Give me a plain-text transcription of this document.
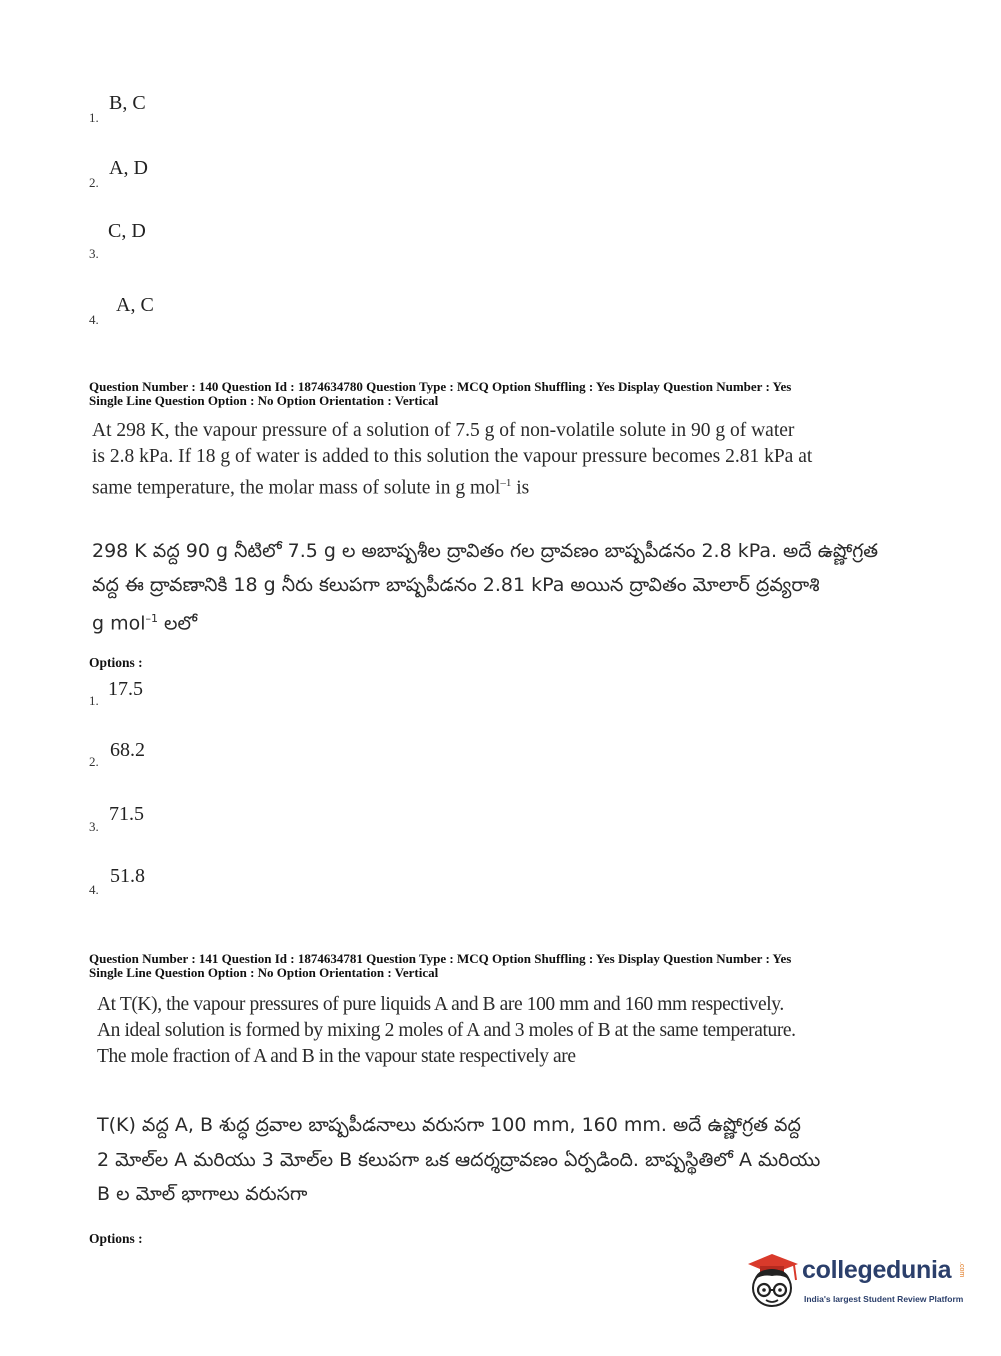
1.
B, C
2.
A, D
3.
C, D
4.
A, C
Question Number : 140 Question Id : 1874634780 Question Type : MCQ Option Shuffling : Yes Display Question Number : Yes
Single Line Question Option : No Option Orientation : Vertical
At 298 K, the vapour pressure of a solution of 7.5 g of non-volatile solute in 90 g of water
is 2.8 kPa. If 18 g of water is added to this solution the vapour pressure becomes 2.81 kPa at
same temperature, the molar mass of solute in g mol$^{-1}$ is
298 K వద్ద 90 g నీటిలో 7.5 g ల అబాష్పశీల ద్రావితం గల ద్రావణం బాష్పపీడనం 2.8 kPa. అదే ఉష్ణోగ్రత
వద్ద ఈ ద్రావణానికి 18 g నీరు కలుపగా బాష్పపీడనం 2.81 kPa అయిన ద్రావితం మోలార్ ద్రవ్యరాశి
g mol$^{-1}$ లలో
Options :
1.
17.5
2.
68.2
3.
71.5
4.
51.8
Question Number : 141 Question Id : 1874634781 Question Type : MCQ Option Shuffling : Yes Display Question Number : Yes
Single Line Question Option : No Option Orientation : Vertical
At T(K), the vapour pressures of pure liquids A and B are 100 mm and 160 mm respectively.
An ideal solution is formed by mixing 2 moles of A and 3 moles of B at the same temperature.
The mole fraction of A and B in the vapour state respectively are
T(K) వద్ద A, B శుద్ధ ద్రవాల బాష్పపీడనాలు వరుసగా 100 mm, 160 mm. అదే ఉష్ణోగ్రత వద్ద
2 మోల్‌ల A మరియు 3 మోల్‌ల B కలుపగా ఒక ఆదర్శద్రావణం ఏర్పడింది. బాష్పస్థితిలో A మరియు
B ల మోల్ భాగాలు వరుసగా
Options :
collegedunia .com
India's largest Student Review Platform
